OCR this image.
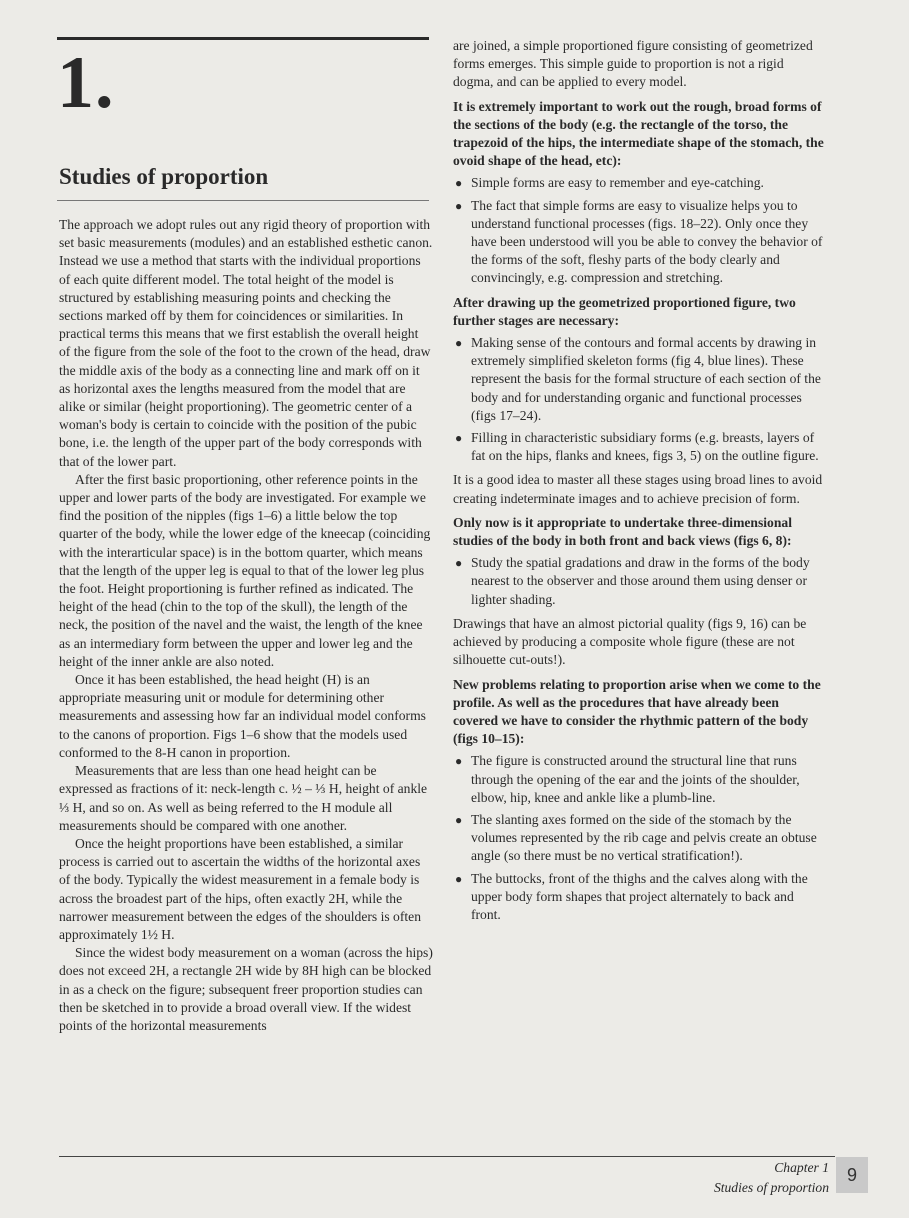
1.
Studies of proportion

The approach we adopt rules out any rigid theory of proportion with set basic measurements (modules) and an established esthetic canon. Instead we use a method that starts with the individual proportions of each quite different model. The total height of the model is structured by establishing measuring points and checking the sections marked off by them for coincidences or similarities. In practical terms this means that we first establish the overall height of the figure from the sole of the foot to the crown of the head, draw the middle axis of the body as a connecting line and mark off on it as horizontal axes the lengths measured from the model that are alike or similar (height proportioning). The geometric center of a woman's body is certain to coincide with the position of the pubic bone, i.e. the length of the upper part of the body corresponds with that of the lower part.

After the first basic proportioning, other reference points in the upper and lower parts of the body are investigated. For example we find the position of the nipples (figs 1–6) a little below the top quarter of the body, while the lower edge of the kneecap (coinciding with the interarticular space) is in the bottom quarter, which means that the length of the upper leg is equal to that of the lower leg plus the foot. Height proportioning is further refined as indicated. The height of the head (chin to the top of the skull), the length of the neck, the position of the navel and the waist, the length of the knee as an intermediary form between the upper and lower leg and the height of the inner ankle are also noted.

Once it has been established, the head height (H) is an appropriate measuring unit or module for determining other measurements and assessing how far an individual model conforms to the canons of proportion. Figs 1–6 show that the models used conformed to the 8-H canon in proportion.

Measurements that are less than one head height can be expressed as fractions of it: neck-length c. ½ – ⅓ H, height of ankle ⅓ H, and so on. As well as being referred to the H module all measurements should be compared with one another.

Once the height proportions have been established, a similar process is carried out to ascertain the widths of the horizontal axes of the body. Typically the widest measurement in a female body is across the broadest part of the hips, often exactly 2H, while the narrower measurement between the edges of the shoulders is often approximately 1½ H.

Since the widest body measurement on a woman (across the hips) does not exceed 2H, a rectangle 2H wide by 8H high can be blocked in as a check on the figure; subsequent freer proportion studies can then be sketched in to provide a broad overall view. If the widest points of the horizontal measurements

are joined, a simple proportioned figure consisting of geometrized forms emerges. This simple guide to proportion is not a rigid dogma, and can be applied to every model.

It is extremely important to work out the rough, broad forms of the sections of the body (e.g. the rectangle of the torso, the trapezoid of the hips, the intermediate shape of the stomach, the ovoid shape of the head, etc):

● Simple forms are easy to remember and eye-catching.
● The fact that simple forms are easy to visualize helps you to understand functional processes (figs. 18–22). Only once they have been understood will you be able to convey the behavior of the forms of the soft, fleshy parts of the body clearly and convincingly, e.g. compression and stretching.

After drawing up the geometrized proportioned figure, two further stages are necessary:

● Making sense of the contours and formal accents by drawing in extremely simplified skeleton forms (fig 4, blue lines). These represent the basis for the formal structure of each section of the body and for understanding organic and functional processes (figs 17–24).
● Filling in characteristic subsidiary forms (e.g. breasts, layers of fat on the hips, flanks and knees, figs 3, 5) on the outline figure.

It is a good idea to master all these stages using broad lines to avoid creating indeterminate images and to achieve precision of form.

Only now is it appropriate to undertake three-dimensional studies of the body in both front and back views (figs 6, 8):

● Study the spatial gradations and draw in the forms of the body nearest to the observer and those around them using denser or lighter shading.

Drawings that have an almost pictorial quality (figs 9, 16) can be achieved by producing a composite whole figure (these are not silhouette cut-outs!).

New problems relating to proportion arise when we come to the profile. As well as the procedures that have already been covered we have to consider the rhythmic pattern of the body (figs 10–15):

● The figure is constructed around the structural line that runs through the opening of the ear and the joints of the shoulder, elbow, hip, knee and ankle like a plumb-line.
● The slanting axes formed on the side of the stomach by the volumes represented by the rib cage and pelvis create an obtuse angle (so there must be no vertical stratification!).
● The buttocks, front of the thighs and the calves along with the upper body form shapes that project alternately to back and front.
Chapter 1
Studies of proportion
9
